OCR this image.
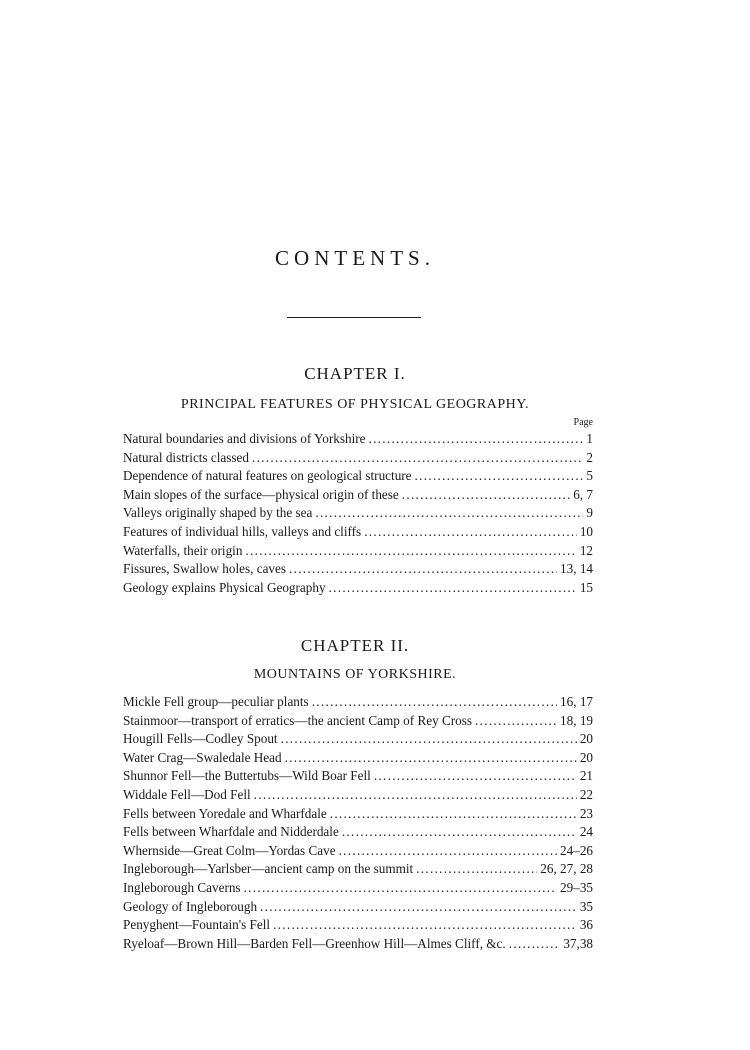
CONTENTS.
CHAPTER I.
PRINCIPAL FEATURES OF PHYSICAL GEOGRAPHY.
Page
Natural boundaries and divisions of Yorkshire . . .	1
Natural districts classed . . .	2
Dependence of natural features on geological structure . . .	5
Main slopes of the surface—physical origin of these . . .	6, 7
Valleys originally shaped by the sea . . .	9
Features of individual hills, valleys and cliffs . . .	10
Waterfalls, their origin . . .	12
Fissures, Swallow holes, caves . . .	13, 14
Geology explains Physical Geography . . .	15
CHAPTER II.
MOUNTAINS OF YORKSHIRE.
Mickle Fell group—peculiar plants . . .	16, 17
Stainmoor—transport of erratics—the ancient Camp of Rey Cross . . .	18, 19
Hougill Fells—Codley Spout . . .	20
Water Crag—Swaledale Head . . .	20
Shunnor Fell—the Buttertubs—Wild Boar Fell . . .	21
Widdale Fell—Dod Fell . . .	22
Fells between Yoredale and Wharfdale . . .	23
Fells between Wharfdale and Nidderdale . . .	24
Whernside—Great Colm—Yordas Cave . . .	24–26
Ingleborough—Yarlsber—ancient camp on the summit . . .	26, 27, 28
Ingleborough Caverns . . .	29–35
Geology of Ingleborough . . .	35
Penyghent—Fountain's Fell . . .	36
Ryeloaf—Brown Hill—Barden Fell—Greenhow Hill—Almes Cliff, &c. . . .	37,38
